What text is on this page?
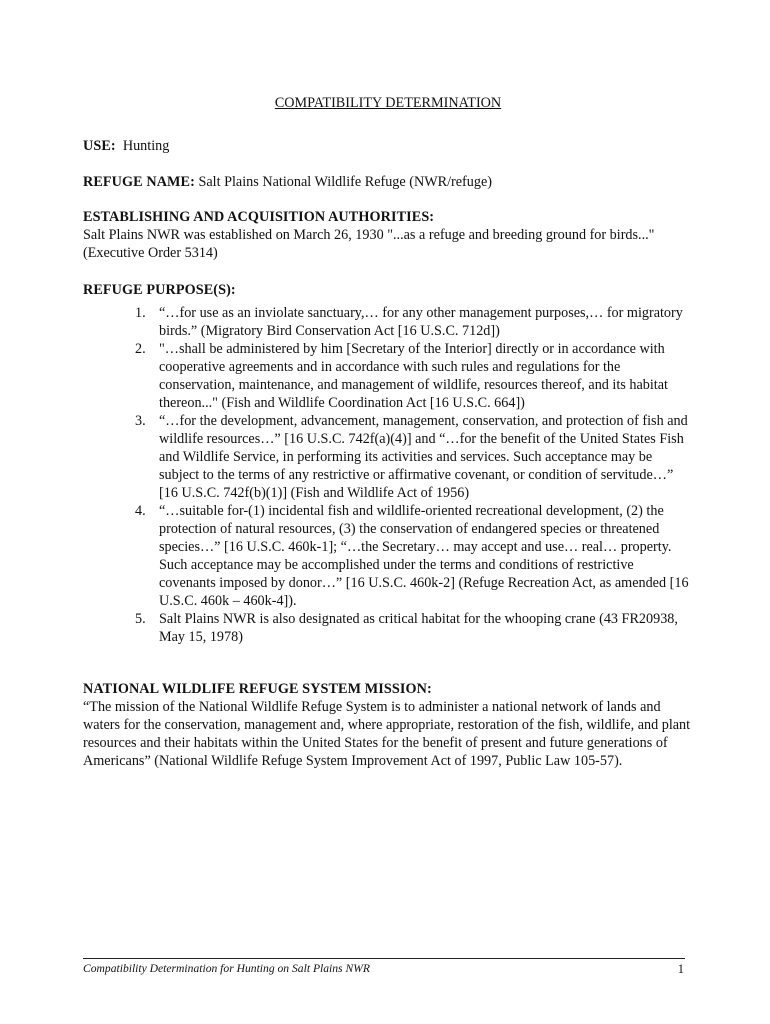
COMPATIBILITY DETERMINATION
USE: Hunting
REFUGE NAME: Salt Plains National Wildlife Refuge (NWR/refuge)

ESTABLISHING AND ACQUISITION AUTHORITIES:

Salt Plains NWR was established on March 26, 1930 "...as a refuge and breeding ground for birds..." (Executive Order 5314)

REFUGE PURPOSE(S):

1. “…for use as an inviolate sanctuary,… for any other management purposes,… for migratory birds.” (Migratory Bird Conservation Act [16 U.S.C. 712d])
2. "…shall be administered by him [Secretary of the Interior] directly or in accordance with cooperative agreements and in accordance with such rules and regulations for the conservation, maintenance, and management of wildlife, resources thereof, and its habitat thereon..." (Fish and Wildlife Coordination Act [16 U.S.C. 664])
3. “…for the development, advancement, management, conservation, and protection of fish and wildlife resources…” [16 U.S.C. 742f(a)(4)] and “…for the benefit of the United States Fish and Wildlife Service, in performing its activities and services. Such acceptance may be subject to the terms of any restrictive or affirmative covenant, or condition of servitude…” [16 U.S.C. 742f(b)(1)] (Fish and Wildlife Act of 1956)
4. “…suitable for-(1) incidental fish and wildlife-oriented recreational development, (2) the protection of natural resources, (3) the conservation of endangered species or threatened species…” [16 U.S.C. 460k-1]; “…the Secretary… may accept and use… real… property. Such acceptance may be accomplished under the terms and conditions of restrictive covenants imposed by donor…” [16 U.S.C. 460k-2] (Refuge Recreation Act, as amended [16 U.S.C. 460k – 460k-4]).
5. Salt Plains NWR is also designated as critical habitat for the whooping crane (43 FR20938, May 15, 1978)

NATIONAL WILDLIFE REFUGE SYSTEM MISSION:

“The mission of the National Wildlife Refuge System is to administer a national network of lands and waters for the conservation, management and, where appropriate, restoration of the fish, wildlife, and plant resources and their habitats within the United States for the benefit of present and future generations of Americans” (National Wildlife Refuge System Improvement Act of 1997, Public Law 105-57).

Compatibility Determination for Hunting on Salt Plains NWR	1
